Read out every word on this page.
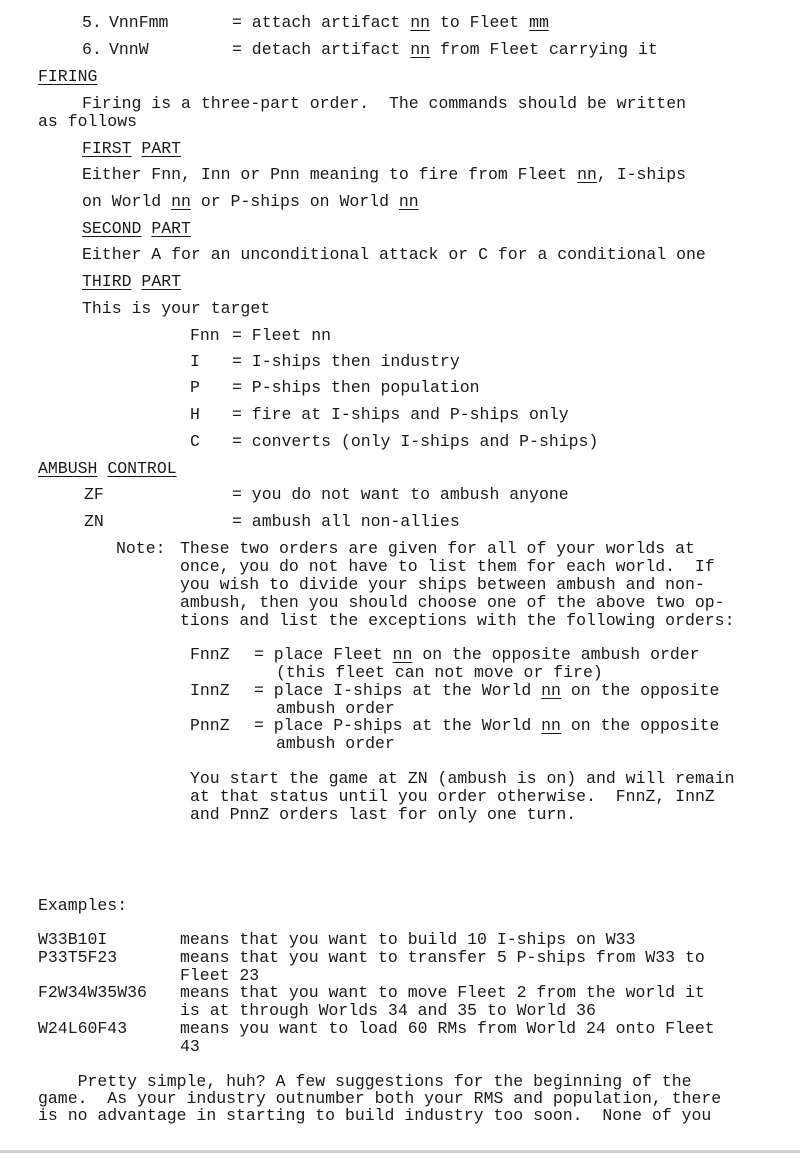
5. VnnFmm	= attach artifact nn to Fleet mm
6. VnnW	= detach artifact nn from Fleet carrying it
FIRING
Firing is a three-part order.  The commands should be written
as follows
FIRST PART
Either Fnn, Inn or Pnn meaning to fire from Fleet nn, I-ships
on World nn or P-ships on World nn
SECOND PART
Either A for an unconditional attack or C for a conditional one
THIRD PART
This is your target
Fnn = Fleet nn
I = I-ships then industry
P = P-ships then population
H = fire at I-ships and P-ships only
C = converts (only I-ships and P-ships)
AMBUSH CONTROL
ZF	= you do not want to ambush anyone
ZN	= ambush all non-allies
Note: These two orders are given for all of your worlds at
once, you do not have to list them for each world.  If
you wish to divide your ships between ambush and non-
ambush, then you should choose one of the above two op-
tions and list the exceptions with the following orders:
FnnZ = place Fleet nn on the opposite ambush order
(this fleet can not move or fire)
InnZ = place I-ships at the World nn on the opposite
ambush order
PnnZ = place P-ships at the World nn on the opposite
ambush order
You start the game at ZN (ambush is on) and will remain
at that status until you order otherwise.  FnnZ, InnZ
and PnnZ orders last for only one turn.
Examples:
W33B10I	means that you want to build 10 I-ships on W33
P33T5F23	means that you want to transfer 5 P-ships from W33 to
Fleet 23
F2W34W35W36 means that you want to move Fleet 2 from the world it
is at through Worlds 34 and 35 to World 36
W24L60F43	means you want to load 60 RMs from World 24 onto Fleet
43
Pretty simple, huh? A few suggestions for the beginning of the
game.  As your industry outnumber both your RMS and population, there
is no advantage in starting to build industry too soon.  None of you
